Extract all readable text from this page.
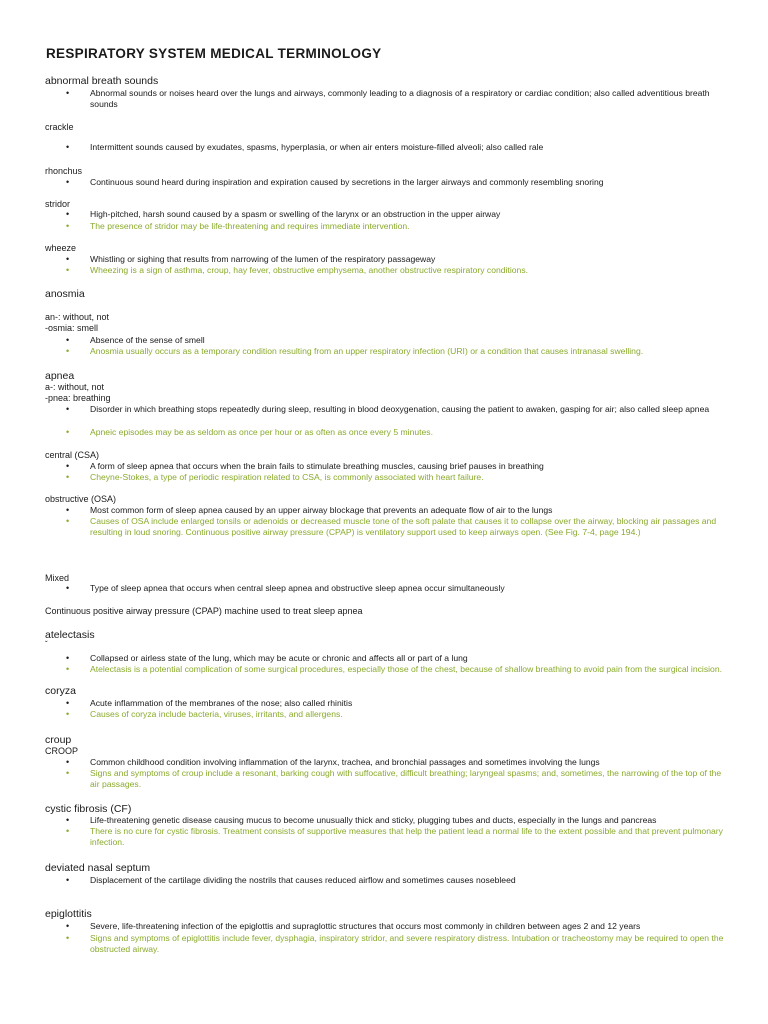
RESPIRATORY SYSTEM MEDICAL TERMINOLOGY
abnormal breath sounds
• Abnormal sounds or noises heard over the lungs and airways, commonly leading to a diagnosis of a respiratory or cardiac condition; also called adventitious breath sounds
crackle
• Intermittent sounds caused by exudates, spasms, hyperplasia, or when air enters moisture-filled alveoli; also called rale
rhonchus
• Continuous sound heard during inspiration and expiration caused by secretions in the larger airways and commonly resembling snoring
stridor
• High-pitched, harsh sound caused by a spasm or swelling of the larynx or an obstruction in the upper airway
• The presence of stridor may be life-threatening and requires immediate intervention.
wheeze
• Whistling or sighing that results from narrowing of the lumen of the respiratory passageway
• Wheezing is a sign of asthma, croup, hay fever, obstructive emphysema, another obstructive respiratory conditions.
anosmia
an-: without, not
-osmia: smell
• Absence of the sense of smell
• Anosmia usually occurs as a temporary condition resulting from an upper respiratory infection (URI) or a condition that causes intranasal swelling.
apnea
a-: without, not
-pnea: breathing
• Disorder in which breathing stops repeatedly during sleep, resulting in blood deoxygenation, causing the patient to awaken, gasping for air; also called sleep apnea
• Apneic episodes may be as seldom as once per hour or as often as once every 5 minutes.
central (CSA)
• A form of sleep apnea that occurs when the brain fails to stimulate breathing muscles, causing brief pauses in breathing
• Cheyne-Stokes, a type of periodic respiration related to CSA, is commonly associated with heart failure.
obstructive (OSA)
• Most common form of sleep apnea caused by an upper airway blockage that prevents an adequate flow of air to the lungs
• Causes of OSA include enlarged tonsils or adenoids or decreased muscle tone of the soft palate that causes it to collapse over the airway, blocking air passages and resulting in loud snoring. Continuous positive airway pressure (CPAP) is ventilatory support used to keep airways open. (See Fig. 7-4, page 194.)
Mixed
• Type of sleep apnea that occurs when central sleep apnea and obstructive sleep apnea occur simultaneously
Continuous positive airway pressure (CPAP) machine used to treat sleep apnea
atelectasis
ˇ
• Collapsed or airless state of the lung, which may be acute or chronic and affects all or part of a lung
• Atelectasis is a potential complication of some surgical procedures, especially those of the chest, because of shallow breathing to avoid pain from the surgical incision.
coryza
• Acute inflammation of the membranes of the nose; also called rhinitis
• Causes of coryza include bacteria, viruses, irritants, and allergens.
croup
CROOP
• Common childhood condition involving inflammation of the larynx, trachea, and bronchial passages and sometimes involving the lungs
• Signs and symptoms of croup include a resonant, barking cough with suffocative, difficult breathing; laryngeal spasms; and, sometimes, the narrowing of the top of the air passages.
cystic fibrosis (CF)
• Life-threatening genetic disease causing mucus to become unusually thick and sticky, plugging tubes and ducts, especially in the lungs and pancreas
• There is no cure for cystic fibrosis. Treatment consists of supportive measures that help the patient lead a normal life to the extent possible and that prevent pulmonary infection.
deviated nasal septum
• Displacement of the cartilage dividing the nostrils that causes reduced airflow and sometimes causes nosebleed
epiglottitis
• Severe, life-threatening infection of the epiglottis and supraglottic structures that occurs most commonly in children between ages 2 and 12 years
• Signs and symptoms of epiglottitis include fever, dysphagia, inspiratory stridor, and severe respiratory distress. Intubation or tracheostomy may be required to open the obstructed airway.
